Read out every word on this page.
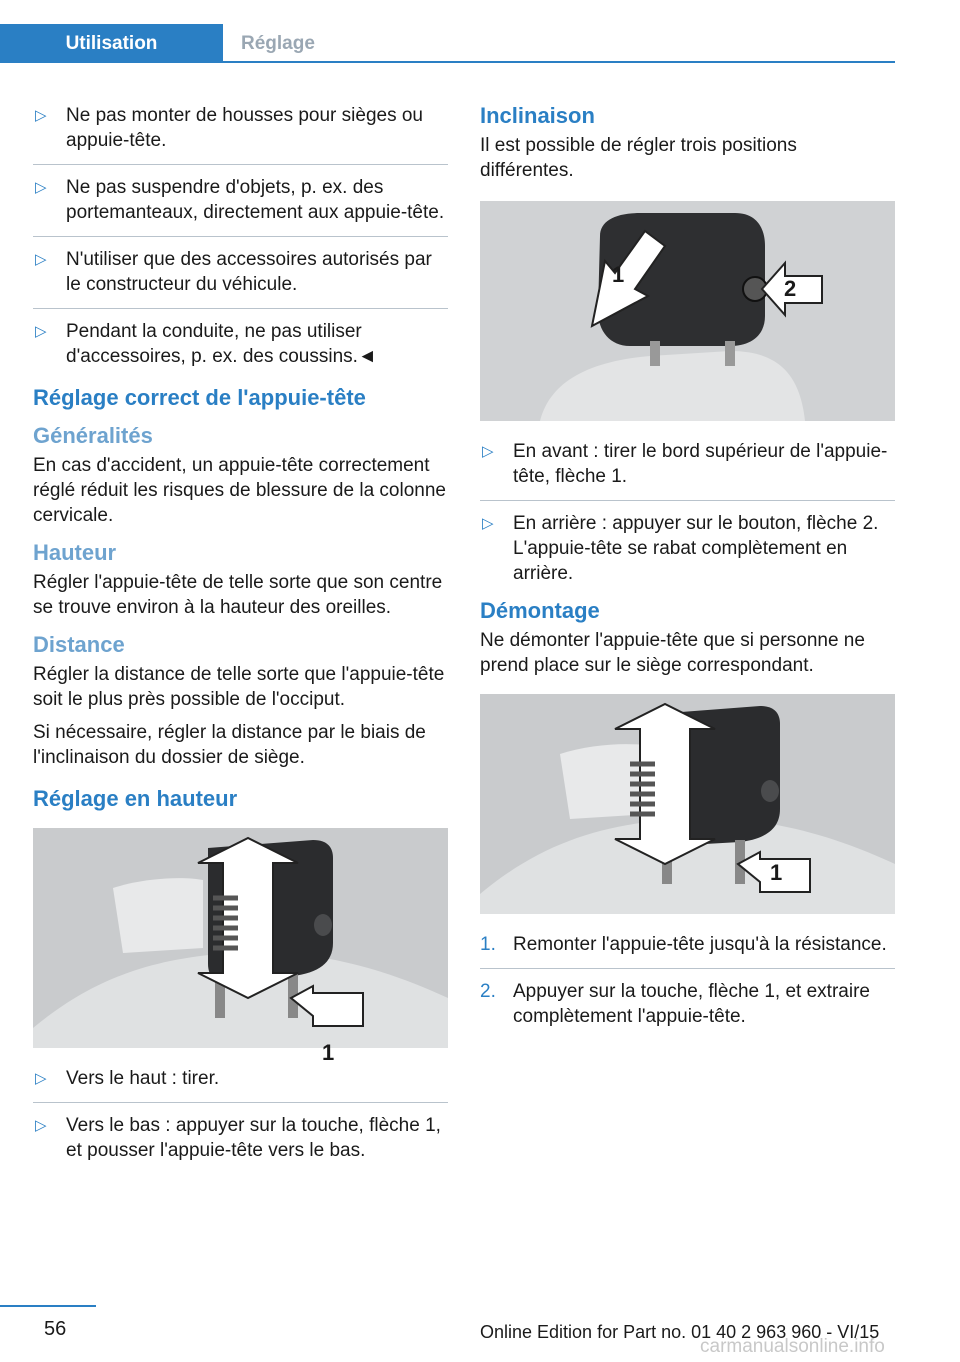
Utilisation	Réglage
▷ Ne pas monter de housses pour sièges ou appuie-tête.
▷ Ne pas suspendre d'objets, p. ex. des portemanteaux, directement aux appuie-tête.
▷ N'utiliser que des accessoires autorisés par le constructeur du véhicule.
▷ Pendant la conduite, ne pas utiliser d'accessoires, p. ex. des coussins.◄
Réglage correct de l'appuie-tête
Généralités

En cas d'accident, un appuie-tête correctement réglé réduit les risques de blessure de la colonne cervicale.

Hauteur

Régler l'appuie-tête de telle sorte que son centre se trouve environ à la hauteur des oreilles.

Distance

Régler la distance de telle sorte que l'appuie-tête soit le plus près possible de l'occiput.

Si nécessaire, régler la distance par le biais de l'inclinaison du dossier de siège.

Réglage en hauteur
▷ Vers le haut : tirer.
▷ Vers le bas : appuyer sur la touche, flèche 1, et pousser l'appuie-tête vers le bas.
Inclinaison

Il est possible de régler trois positions différentes.

▷ En avant : tirer le bord supérieur de l'appuie-tête, flèche 1.
▷ En arrière : appuyer sur le bouton, flèche 2. L'appuie-tête se rabat complètement en arrière.
Démontage

Ne démonter l'appuie-tête que si personne ne prend place sur le siège correspondant.

1. Remonter l'appuie-tête jusqu'à la résistance.
2. Appuyer sur la touche, flèche 1, et extraire complètement l'appuie-tête.
1
1
2
1
56	Online Edition for Part no. 01 40 2 963 960 - VI/15
carmanualsonline.info
